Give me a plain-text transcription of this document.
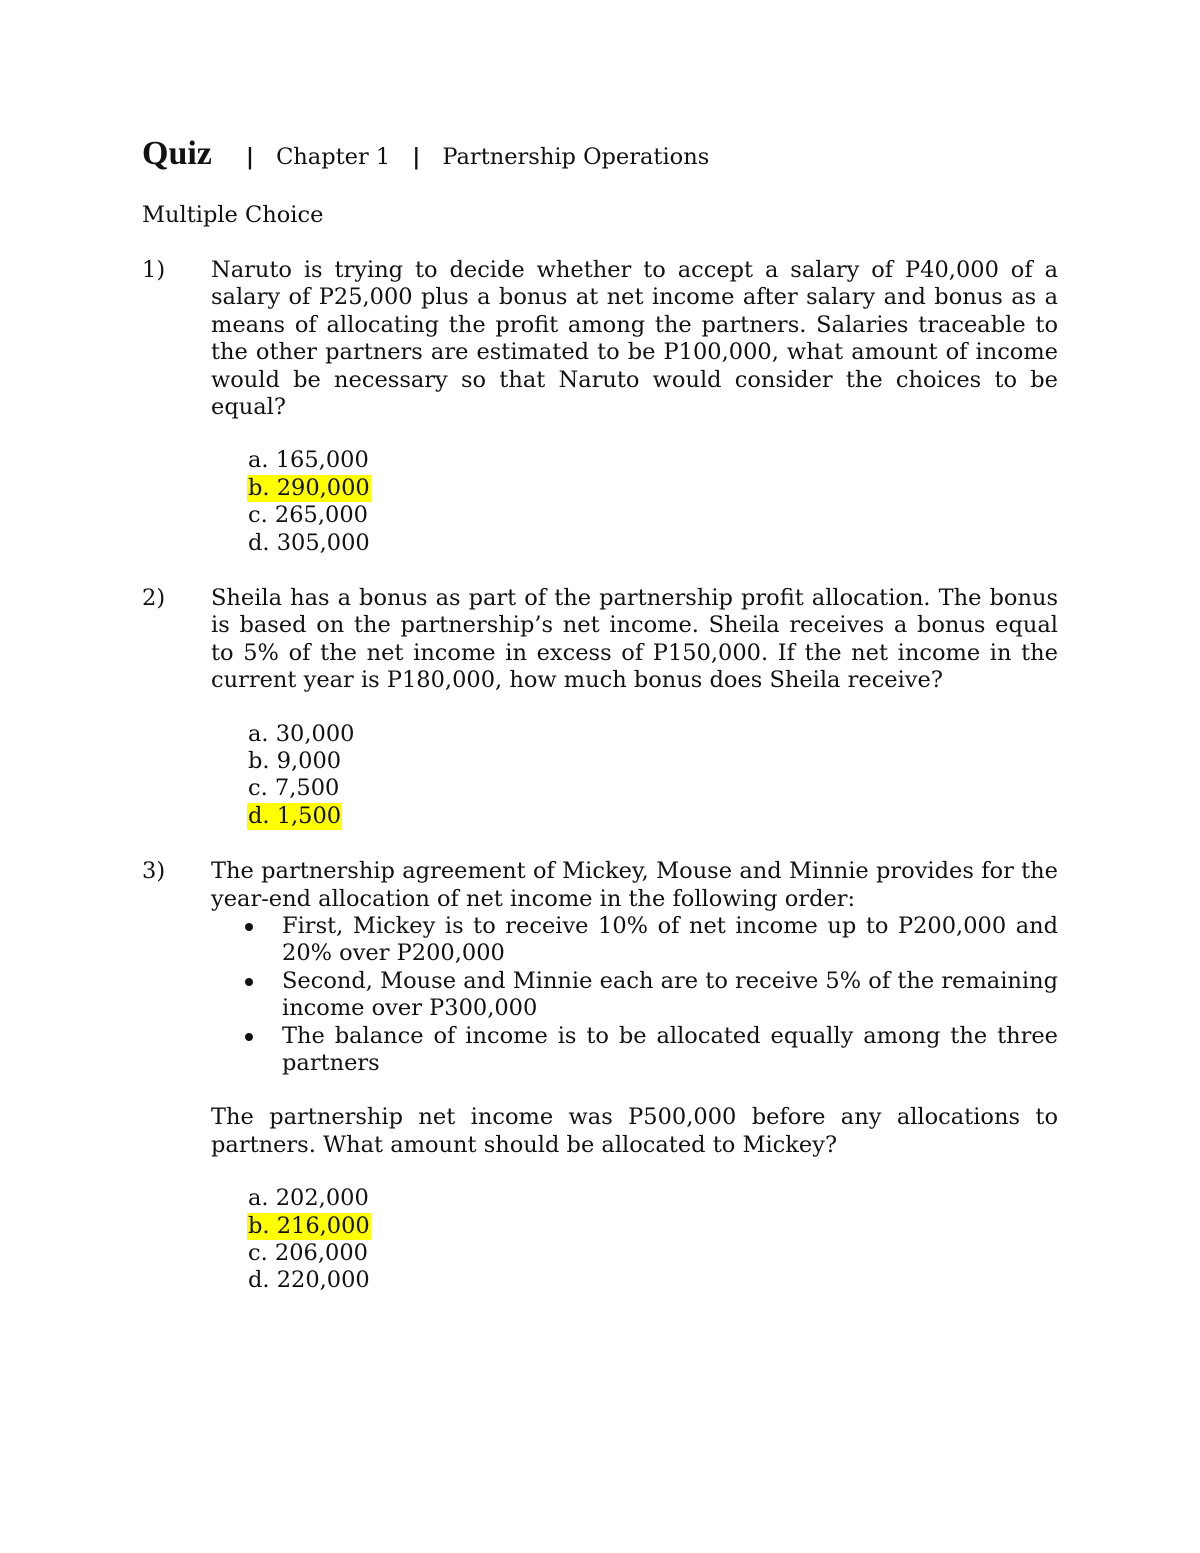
Quiz | Chapter 1 | Partnership Operations
Multiple Choice
1)	Naruto is trying to decide whether to accept a salary of P40,000 of a salary of P25,000 plus a bonus at net income after salary and bonus as a means of allocating the profit among the partners. Salaries traceable to the other partners are estimated to be P100,000, what amount of income would be necessary so that Naruto would consider the choices to be equal?

a. 165,000
b. 290,000
c. 265,000
d. 305,000
2)	Sheila has a bonus as part of the partnership profit allocation. The bonus is based on the partnership’s net income. Sheila receives a bonus equal to 5% of the net income in excess of P150,000. If the net income in the current year is P180,000, how much bonus does Sheila receive?

a. 30,000
b. 9,000
c. 7,500
d. 1,500
3)	The partnership agreement of Mickey, Mouse and Minnie provides for the year-end allocation of net income in the following order:

First, Mickey is to receive 10% of net income up to P200,000 and 20% over P200,000
Second, Mouse and Minnie each are to receive 5% of the remaining income over P300,000
The balance of income is to be allocated equally among the three partners

The partnership net income was P500,000 before any allocations to partners. What amount should be allocated to Mickey?

a. 202,000
b. 216,000
c. 206,000
d. 220,000
